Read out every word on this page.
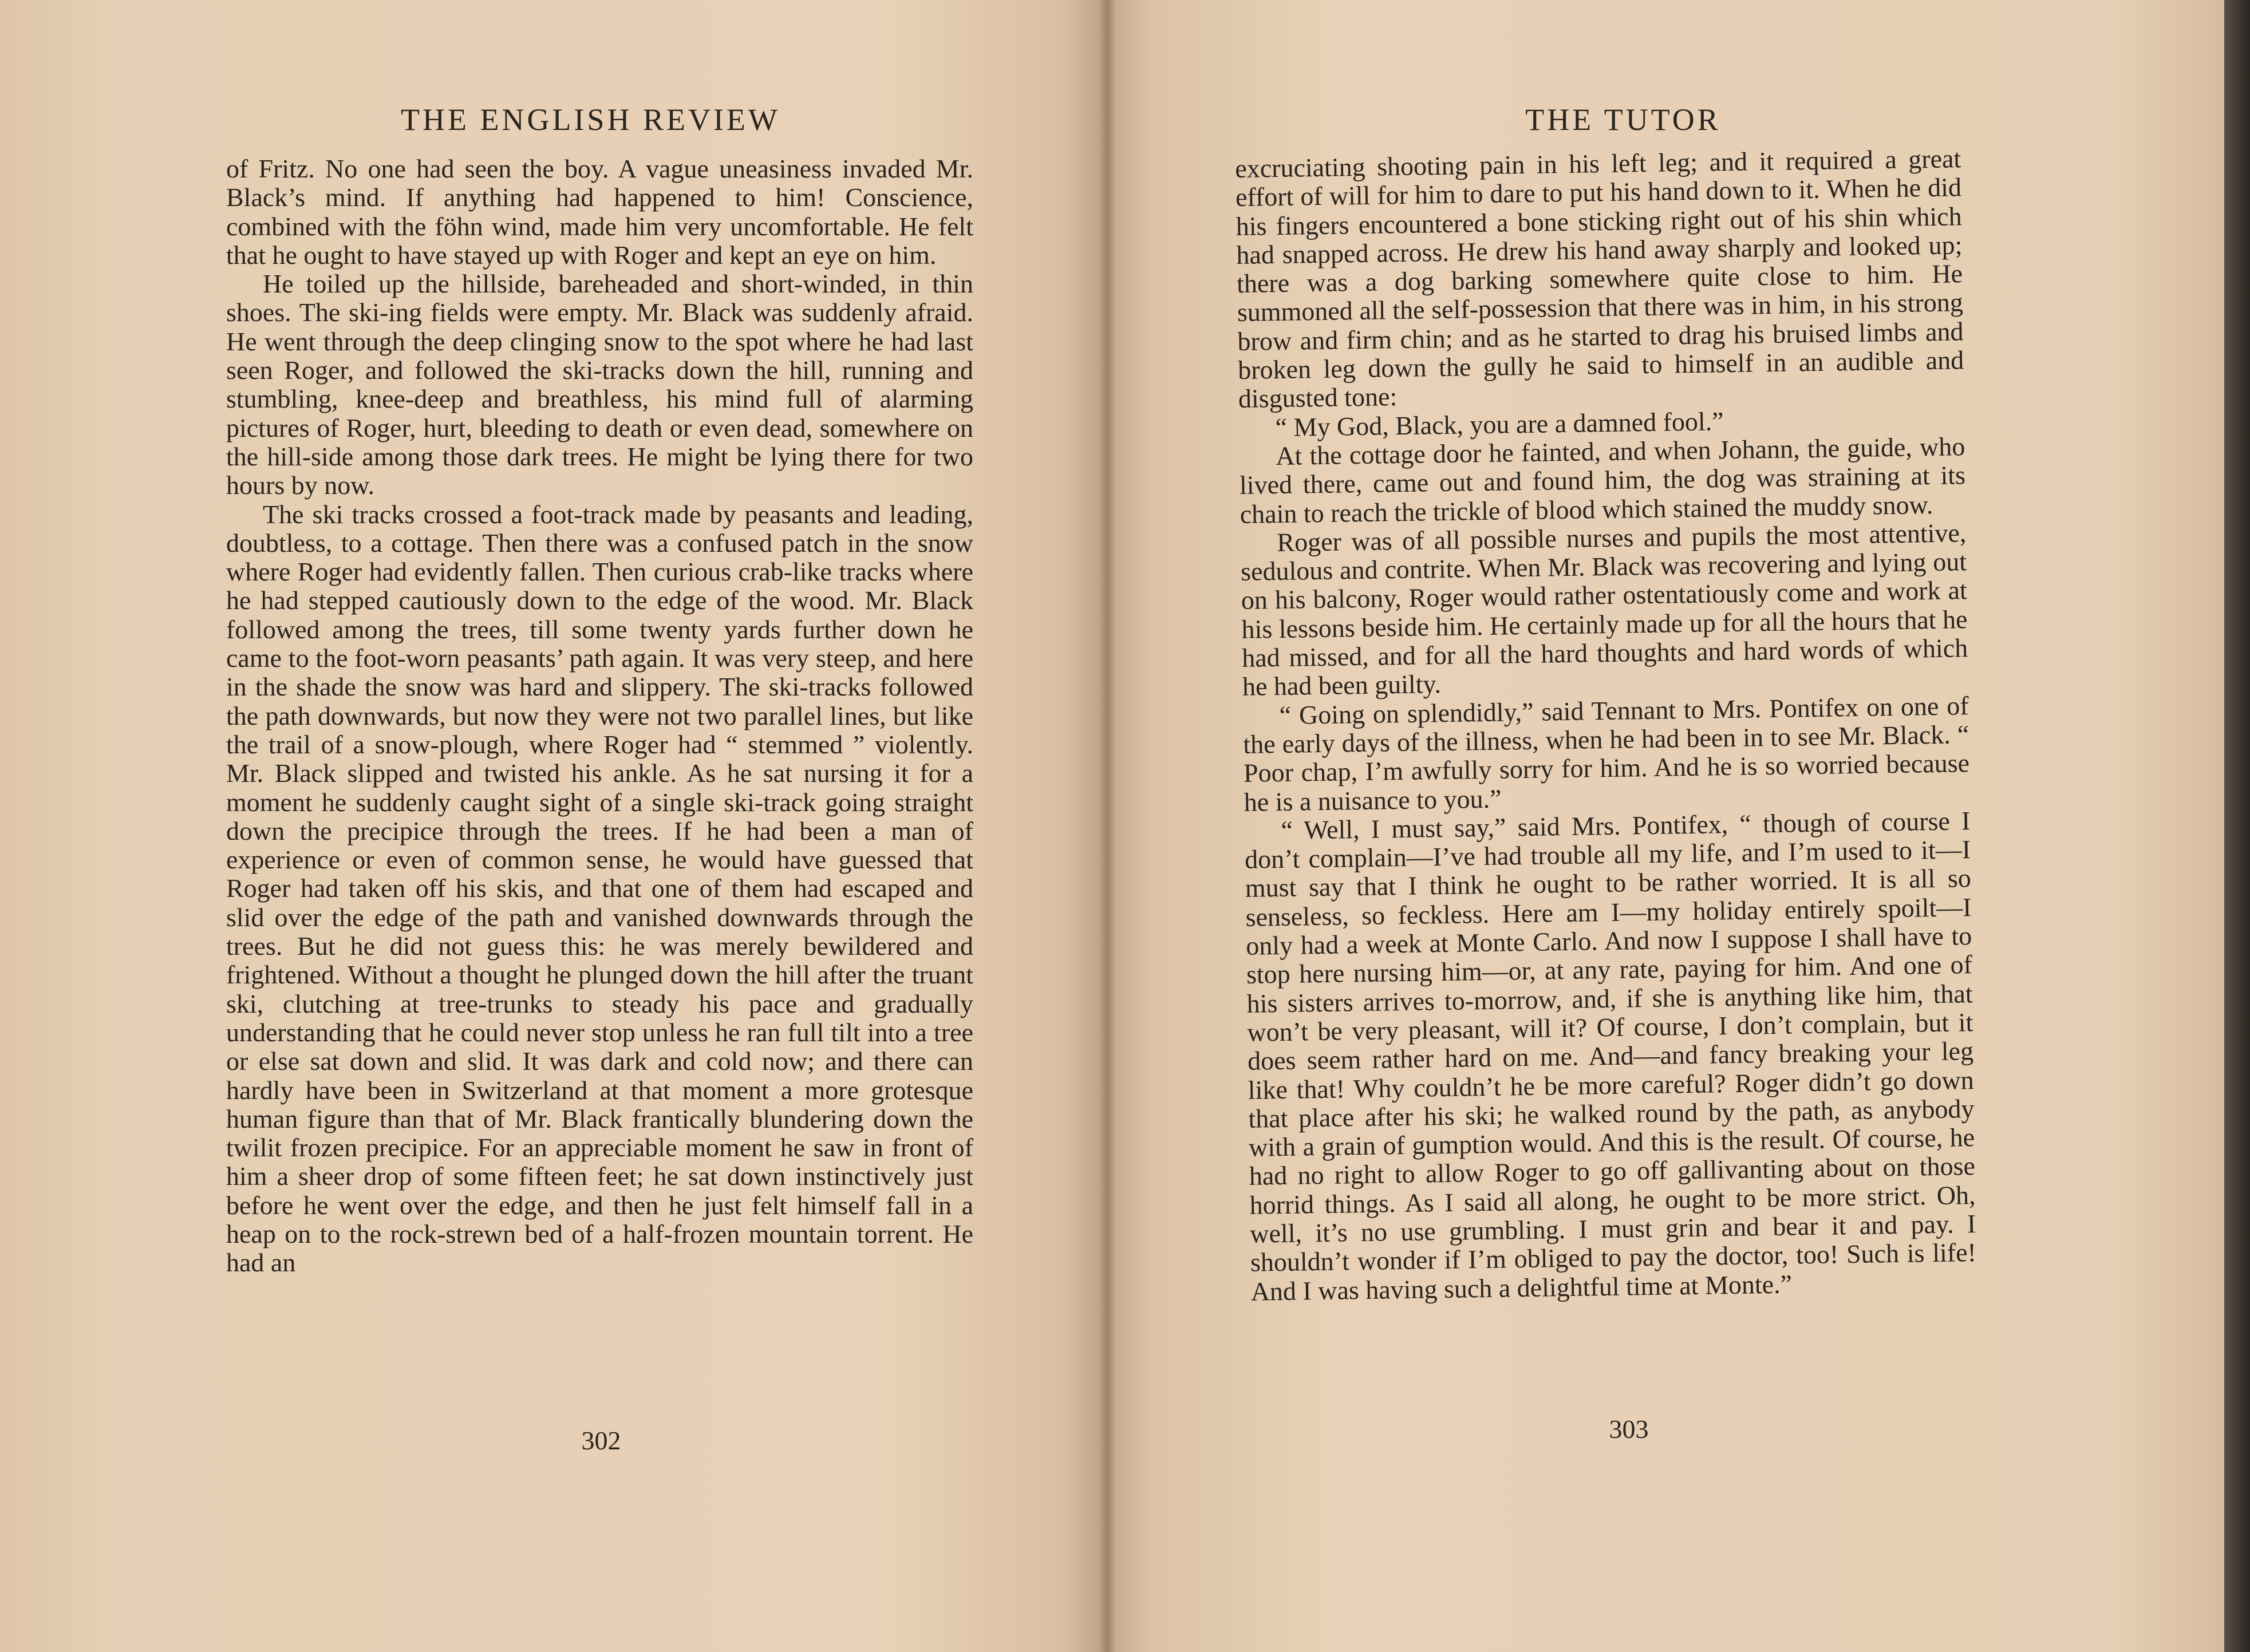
THE ENGLISH REVIEW

of Fritz. No one had seen the boy. A vague uneasiness invaded Mr. Black’s mind. If anything had happened to him! Conscience, combined with the föhn wind, made him very uncomfortable. He felt that he ought to have stayed up with Roger and kept an eye on him.

He toiled up the hillside, bareheaded and short-winded, in thin shoes. The ski-ing fields were empty. Mr. Black was suddenly afraid. He went through the deep clinging snow to the spot where he had last seen Roger, and followed the ski-tracks down the hill, running and stumbling, knee-deep and breathless, his mind full of alarming pictures of Roger, hurt, bleeding to death or even dead, somewhere on the hill-side among those dark trees. He might be lying there for two hours by now.

The ski tracks crossed a foot-track made by peasants and leading, doubtless, to a cottage. Then there was a confused patch in the snow where Roger had evidently fallen. Then curious crab-like tracks where he had stepped cautiously down to the edge of the wood. Mr. Black followed among the trees, till some twenty yards further down he came to the foot-worn peasants’ path again. It was very steep, and here in the shade the snow was hard and slippery. The ski-tracks followed the path downwards, but now they were not two parallel lines, but like the trail of a snow-plough, where Roger had “ stemmed ” violently. Mr. Black slipped and twisted his ankle. As he sat nursing it for a moment he suddenly caught sight of a single ski-track going straight down the precipice through the trees. If he had been a man of experience or even of common sense, he would have guessed that Roger had taken off his skis, and that one of them had escaped and slid over the edge of the path and vanished downwards through the trees. But he did not guess this: he was merely bewildered and frightened. Without a thought he plunged down the hill after the truant ski, clutching at tree-trunks to steady his pace and gradually understanding that he could never stop unless he ran full tilt into a tree or else sat down and slid. It was dark and cold now; and there can hardly have been in Switzerland at that moment a more grotesque human figure than that of Mr. Black frantically blundering down the twilit frozen precipice. For an appreciable moment he saw in front of him a sheer drop of some fifteen feet; he sat down instinctively just before he went over the edge, and then he just felt himself fall in a heap on to the rock-strewn bed of a half-frozen mountain torrent. He had an

302
THE TUTOR

excruciating shooting pain in his left leg; and it required a great effort of will for him to dare to put his hand down to it. When he did his fingers encountered a bone sticking right out of his shin which had snapped across. He drew his hand away sharply and looked up; there was a dog barking somewhere quite close to him. He summoned all the self-possession that there was in him, in his strong brow and firm chin; and as he started to drag his bruised limbs and broken leg down the gully he said to himself in an audible and disgusted tone:

“ My God, Black, you are a damned fool.”

At the cottage door he fainted, and when Johann, the guide, who lived there, came out and found him, the dog was straining at its chain to reach the trickle of blood which stained the muddy snow.

Roger was of all possible nurses and pupils the most attentive, sedulous and contrite. When Mr. Black was recovering and lying out on his balcony, Roger would rather ostentatiously come and work at his lessons beside him. He certainly made up for all the hours that he had missed, and for all the hard thoughts and hard words of which he had been guilty.

“ Going on splendidly,” said Tennant to Mrs. Pontifex on one of the early days of the illness, when he had been in to see Mr. Black. “ Poor chap, I’m awfully sorry for him. And he is so worried because he is a nuisance to you.”

“ Well, I must say,” said Mrs. Pontifex, “ though of course I don’t complain—I’ve had trouble all my life, and I’m used to it—I must say that I think he ought to be rather worried. It is all so senseless, so feckless. Here am I—my holiday entirely spoilt—I only had a week at Monte Carlo. And now I suppose I shall have to stop here nursing him—or, at any rate, paying for him. And one of his sisters arrives to-morrow, and, if she is anything like him, that won’t be very pleasant, will it? Of course, I don’t complain, but it does seem rather hard on me. And—and fancy breaking your leg like that! Why couldn’t he be more careful? Roger didn’t go down that place after his ski; he walked round by the path, as anybody with a grain of gumption would. And this is the result. Of course, he had no right to allow Roger to go off gallivanting about on those horrid things. As I said all along, he ought to be more strict. Oh, well, it’s no use grumbling. I must grin and bear it and pay. I shouldn’t wonder if I’m obliged to pay the doctor, too! Such is life! And I was having such a delightful time at Monte.”

303
